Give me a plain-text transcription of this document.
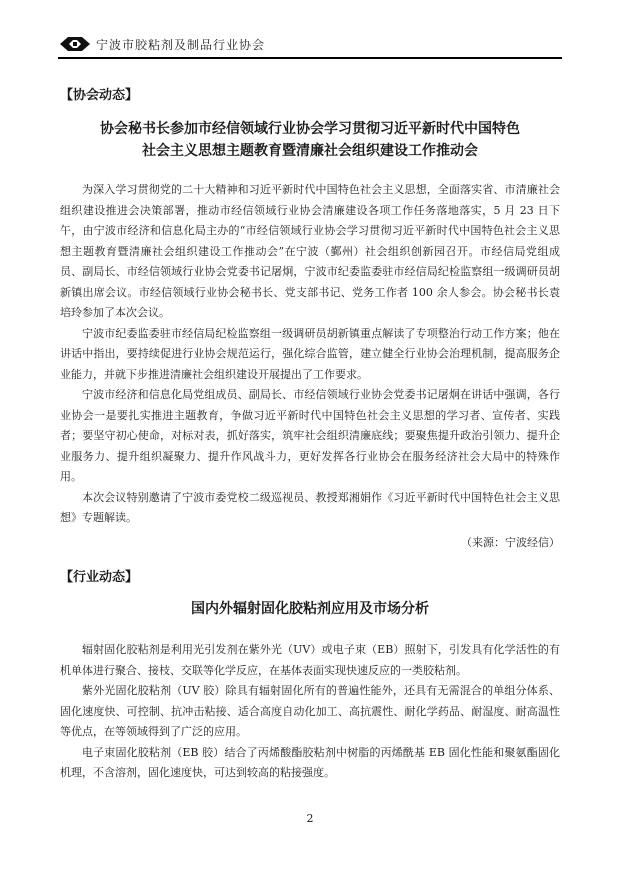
宁波市胶粘剂及制品行业协会
【协会动态】
协会秘书长参加市经信领域行业协会学习贯彻习近平新时代中国特色
社会主义思想主题教育暨清廉社会组织建设工作推动会

为深入学习贯彻党的二十大精神和习近平新时代中国特色社会主义思想，全面落实省、市清廉社会组织建设推进会决策部署，推动市经信领域行业协会清廉建设各项工作任务落地落实，5 月 23 日下午，由宁波市经济和信息化局主办的“市经信领域行业协会学习贯彻习近平新时代中国特色社会主义思想主题教育暨清廉社会组织建设工作推动会”在宁波（鄞州）社会组织创新园召开。市经信局党组成员、副局长、市经信领域行业协会党委书记屠炯，宁波市纪委监委驻市经信局纪检监察组一级调研员胡新镇出席会议。市经信领域行业协会秘书长、党支部书记、党务工作者 100 余人参会。协会秘书长袁培玲参加了本次会议。

宁波市纪委监委驻市经信局纪检监察组一级调研员胡新镇重点解读了专项整治行动工作方案；他在讲话中指出，要持续促进行业协会规范运行，强化综合监管，建立健全行业协会治理机制，提高服务企业能力，并就下步推进清廉社会组织建设开展提出了工作要求。

宁波市经济和信息化局党组成员、副局长、市经信领域行业协会党委书记屠炯在讲话中强调，各行业协会一是要扎实推进主题教育，争做习近平新时代中国特色社会主义思想的学习者、宣传者、实践者；要坚守初心使命，对标对表，抓好落实，筑牢社会组织清廉底线；要聚焦提升政治引领力、提升企业服务力、提升组织凝聚力、提升作风战斗力，更好发挥各行业协会在服务经济社会大局中的特殊作用。

本次会议特别邀请了宁波市委党校二级巡视员、教授郑湘娟作《习近平新时代中国特色社会主义思想》专题解读。

（来源：宁波经信）

【行业动态】
国内外辐射固化胶粘剂应用及市场分析

辐射固化胶粘剂是利用光引发剂在紫外光（UV）或电子束（EB）照射下，引发具有化学活性的有机单体进行聚合、接枝、交联等化学反应，在基体表面实现快速反应的一类胶粘剂。

紫外光固化胶粘剂（UV 胶）除具有辐射固化所有的普遍性能外，还具有无需混合的单组分体系、固化速度快、可控制、抗冲击粘接、适合高度自动化加工、高抗震性、耐化学药品、耐湿度、耐高温性等优点，在等领域得到了广泛的应用。

电子束固化胶粘剂（EB 胶）结合了丙烯酸酯胶粘剂中树脂的丙烯酰基 EB 固化性能和聚氨酯固化机理，不含溶剂，固化速度快，可达到较高的粘接强度。

2
